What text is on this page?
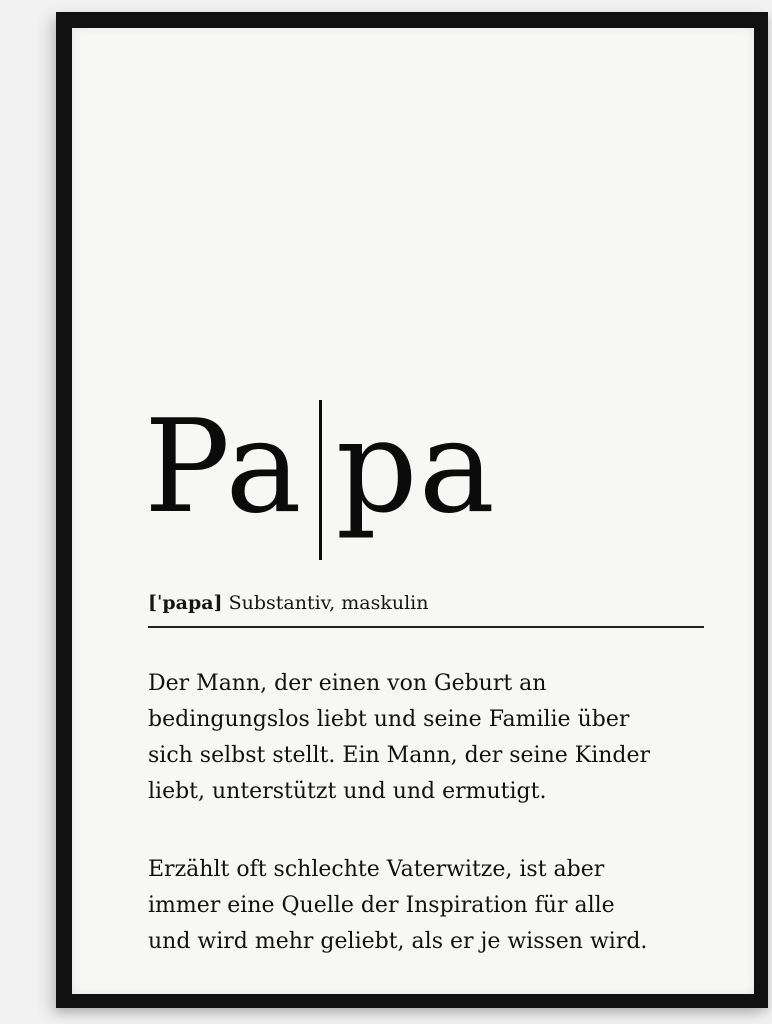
Pa pa
[ˈpapa] Substantiv, maskulin
Der Mann, der einen von Geburt an
bedingungslos liebt und seine Familie über
sich selbst stellt. Ein Mann, der seine Kinder
liebt, unterstützt und und ermutigt.
Erzählt oft schlechte Vaterwitze, ist aber
immer eine Quelle der Inspiration für alle
und wird mehr geliebt, als er je wissen wird.
